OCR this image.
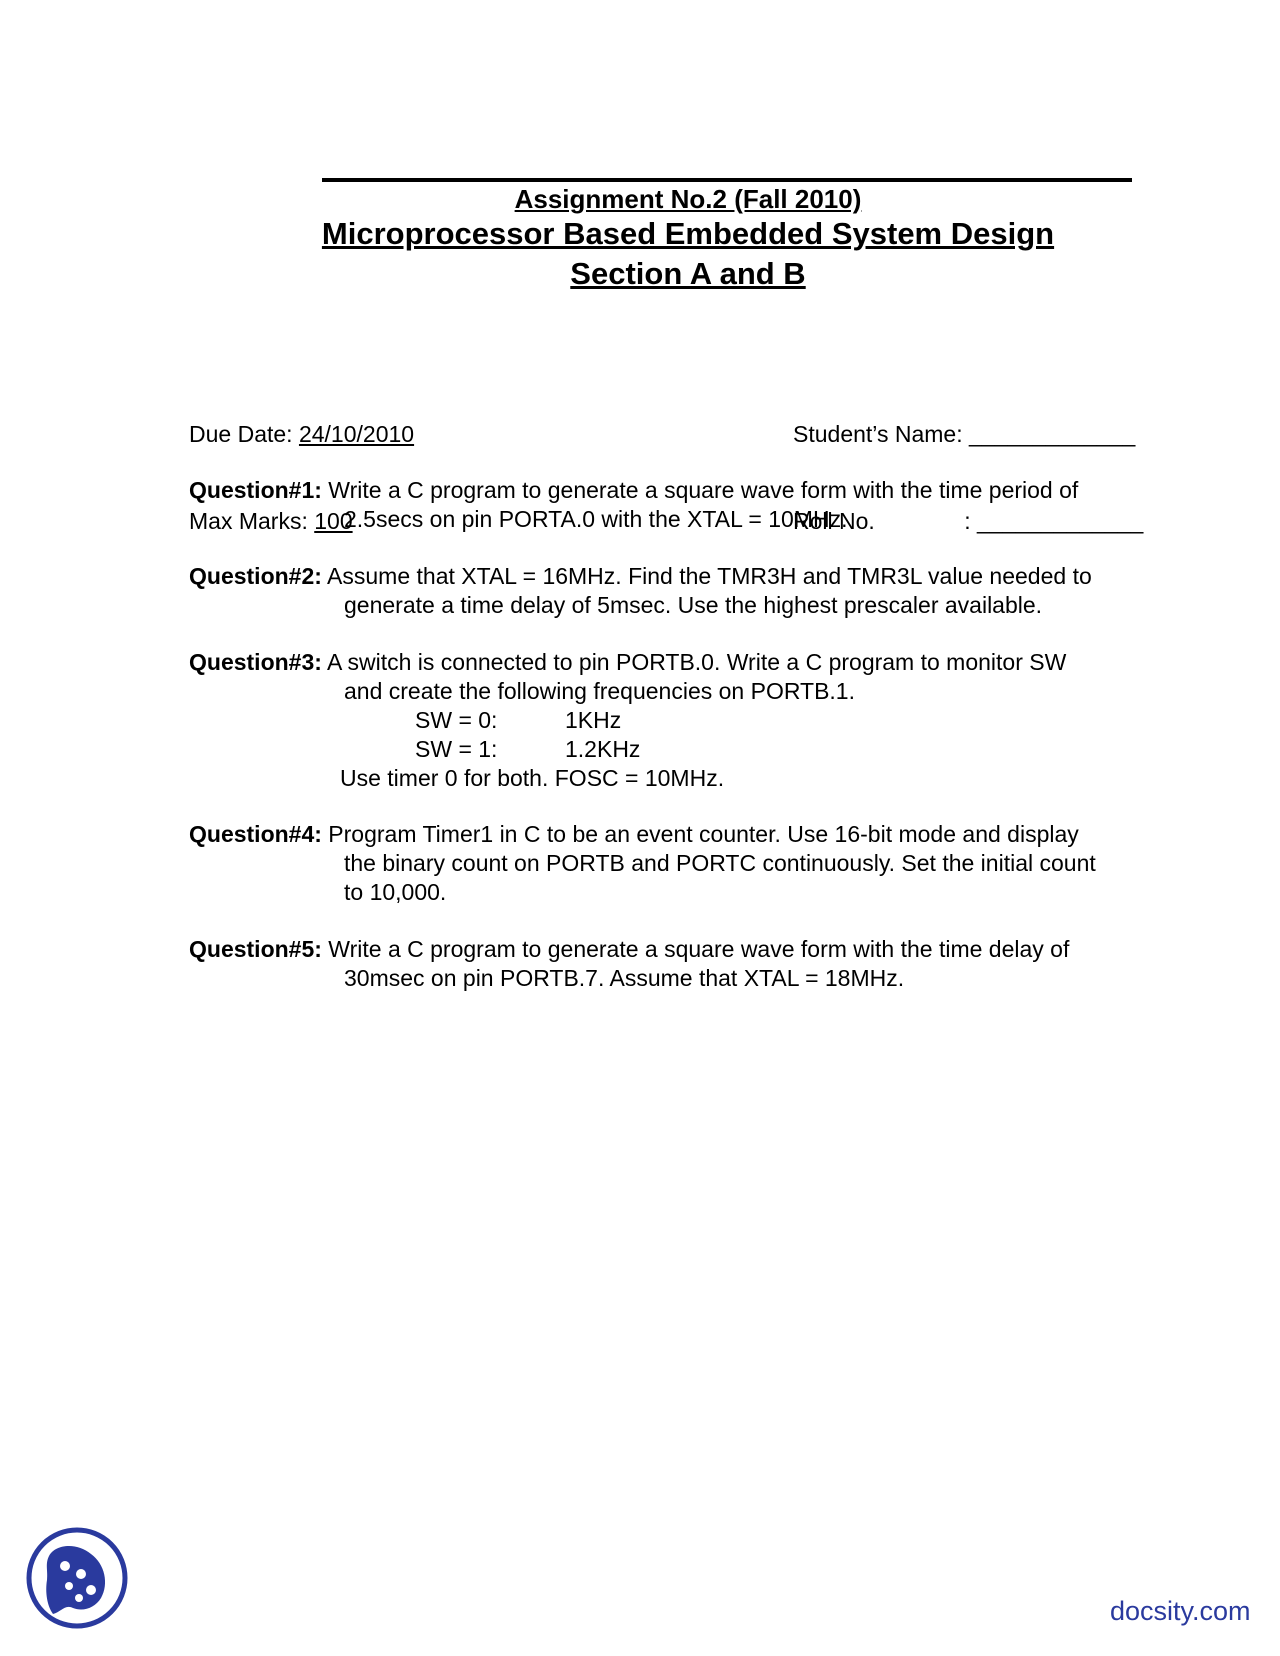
Assignment No.2 (Fall 2010)
Microprocessor Based Embedded System Design
Section A and B

Due Date: 24/10/2010

Max Marks: 100

Student’s Name: _____________

Roll No.              : _____________

Question#1: Write a C program to generate a square wave form with the time period of
2.5secs on pin PORTA.0 with the XTAL = 10MHz.
Question#2: Assume that XTAL = 16MHz. Find the TMR3H and TMR3L value needed to
generate a time delay of 5msec. Use the highest prescaler available.
Question#3: A switch is connected to pin PORTB.0. Write a C program to monitor SW
and create the following frequencies on PORTB.1.
SW = 0:	1KHz
SW = 1:	1.2KHz
Use timer 0 for both. FOSC = 10MHz.
Question#4: Program Timer1 in C to be an event counter. Use 16-bit mode and display
the binary count on PORTB and PORTC continuously. Set the initial count
to 10,000.
Question#5: Write a C program to generate a square wave form with the time delay of
30msec on pin PORTB.7. Assume that XTAL = 18MHz.
docsity.com
